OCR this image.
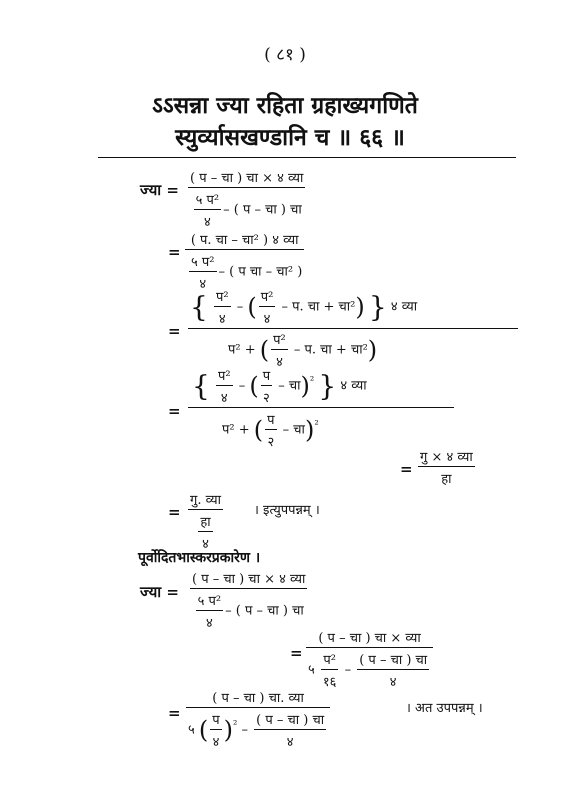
( ८१ )
ऽऽसन्ना ज्या रहिता ग्रहाख्यगणिते
स्युर्व्यासखण्डानि च ॥ ६६ ॥
ज्या =
( प – चा ) चा × ४ व्या
$\frac{\text{५ प²}}{४}$ – ( प – चा ) चा
=
( प. चा – चा² ) ४ व्या
$\frac{\text{५ प²}}{४}$ – ( प चा – चा² )
=
{ $\frac{\text{प²}}{४}$ – ( $\frac{\text{प²}}{४}$ – प. चा + चा²) } ४ व्या
प² + ( $\frac{\text{प²}}{४}$ – प. चा + चा²)
=
{ $\frac{\text{प²}}{४}$ – ( $\frac{\text{प}}{२}$ – चा)$^{^2}$ } ४ व्या
प² + ( $\frac{\text{प}}{२}$ – चा)$^{^2}$
=
गु × ४ व्या
हा
=
गु. व्या
$\frac{\text{हा}}{४}$
। इत्युपपन्नम् ।
पूर्वोदितभास्करप्रकारेण ।
ज्या =
( प – चा ) चा × ४ व्या
$\frac{\text{५ प²}}{४}$ – ( प – चा ) चा
=
( प – चा ) चा × व्या
५ $\frac{\text{प²}}{१६} - \frac{\text{( प – चा ) चा}}{४}$
=
( प – चा ) चा. व्या
५ ( $\frac{\text{प}}{४} )^{^2} - \frac{\text{( प – चा ) चा}}{४}$
। अत उपपन्नम् ।
